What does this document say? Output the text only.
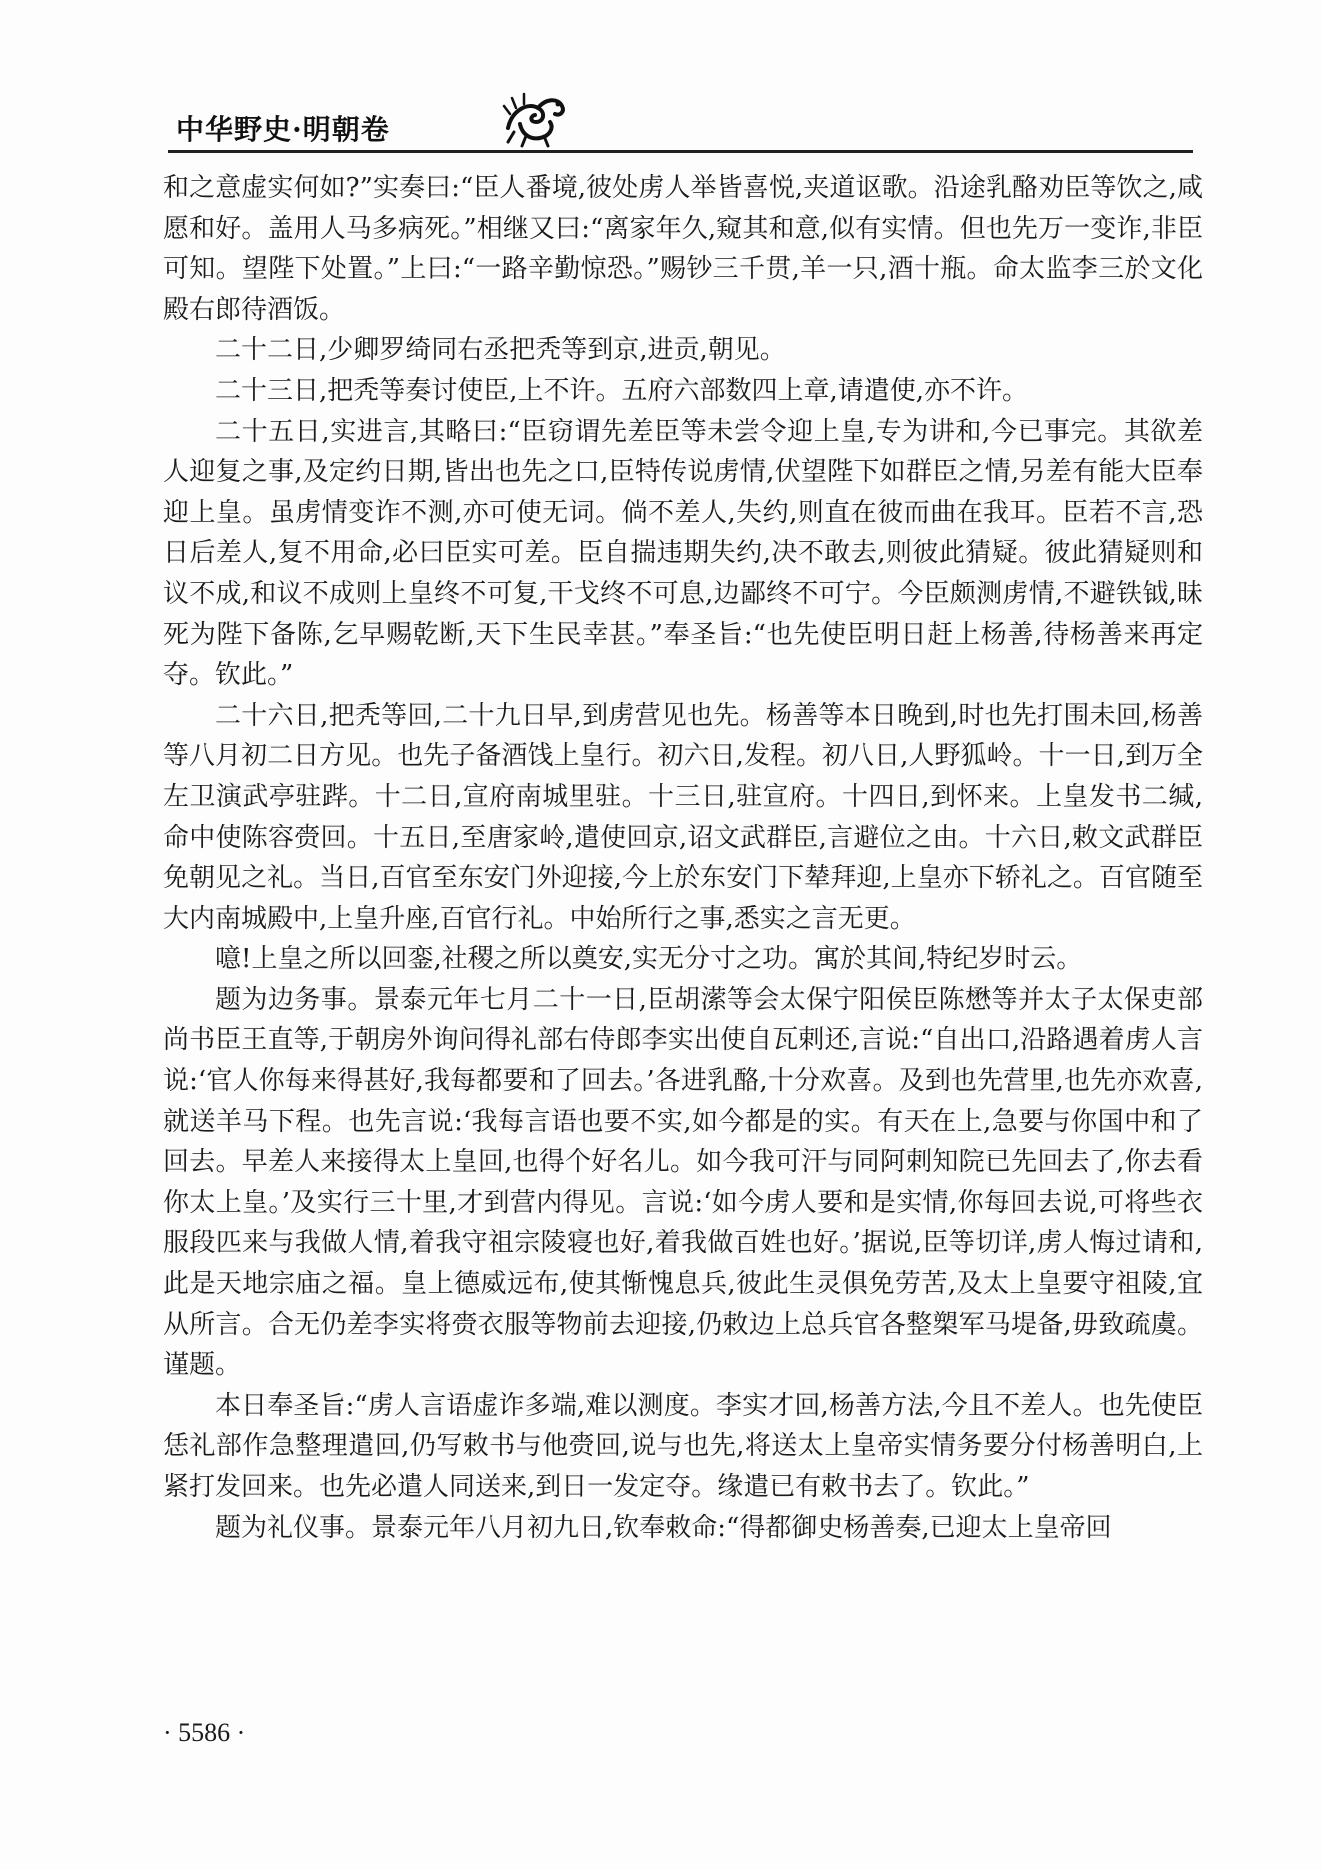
中华野史·明朝卷

和之意虚实何如?”实奏曰:“臣人番境,彼处虏人举皆喜悦,夹道讴歌。沿途乳酪劝臣等饮之,咸愿和好。盖用人马多病死。”相继又曰:“离家年久,窥其和意,似有实情。但也先万一变诈,非臣可知。望陛下处置。”上曰:“一路辛勤惊恐。”赐钞三千贯,羊一只,酒十瓶。命太监李三於文化殿右郎待酒饭。

二十二日,少卿罗绮同右丞把秃等到京,进贡,朝见。

二十三日,把秃等奏讨使臣,上不许。五府六部数四上章,请遣使,亦不许。

二十五日,实进言,其略曰:“臣窃谓先差臣等未尝令迎上皇,专为讲和,今已事完。其欲差人迎复之事,及定约日期,皆出也先之口,臣特传说虏情,伏望陛下如群臣之情,另差有能大臣奉迎上皇。虽虏情变诈不测,亦可使无词。倘不差人,失约,则直在彼而曲在我耳。臣若不言,恐日后差人,复不用命,必曰臣实可差。臣自揣违期失约,决不敢去,则彼此猜疑。彼此猜疑则和议不成,和议不成则上皇终不可复,干戈终不可息,边鄙终不可宁。今臣颇测虏情,不避铁钺,昧死为陛下备陈,乞早赐乾断,天下生民幸甚。”奉圣旨:“也先使臣明日赶上杨善,待杨善来再定夺。钦此。”

二十六日,把秃等回,二十九日早,到虏营见也先。杨善等本日晚到,时也先打围未回,杨善等八月初二日方见。也先子备酒饯上皇行。初六日,发程。初八日,人野狐岭。十一日,到万全左卫演武亭驻跸。十二日,宣府南城里驻。十三日,驻宣府。十四日,到怀来。上皇发书二缄,命中使陈容赍回。十五日,至唐家岭,遣使回京,诏文武群臣,言避位之由。十六日,敕文武群臣免朝见之礼。当日,百官至东安门外迎接,今上於东安门下辇拜迎,上皇亦下轿礼之。百官随至大内南城殿中,上皇升座,百官行礼。中始所行之事,悉实之言无更。

噫!上皇之所以回銮,社稷之所以奠安,实无分寸之功。寓於其间,特纪岁时云。

题为边务事。景泰元年七月二十一日,臣胡潆等会太保宁阳侯臣陈懋等并太子太保吏部尚书臣王直等,于朝房外询问得礼部右侍郎李实出使自瓦剌还,言说:“自出口,沿路遇着虏人言说:‘官人你每来得甚好,我每都要和了回去。’各进乳酪,十分欢喜。及到也先营里,也先亦欢喜,就送羊马下程。也先言说:‘我每言语也要不实,如今都是的实。有天在上,急要与你国中和了回去。早差人来接得太上皇回,也得个好名儿。如今我可汗与同阿剌知院已先回去了,你去看你太上皇。’及实行三十里,才到营内得见。言说:‘如今虏人要和是实情,你每回去说,可将些衣服段匹来与我做人情,着我守祖宗陵寝也好,着我做百姓也好。’据说,臣等切详,虏人悔过请和,此是天地宗庙之福。皇上德威远布,使其惭愧息兵,彼此生灵俱免劳苦,及太上皇要守祖陵,宜从所言。合无仍差李实将赍衣服等物前去迎接,仍敕边上总兵官各整槊军马堤备,毋致疏虞。谨题。

本日奉圣旨:“虏人言语虚诈多端,难以测度。李实才回,杨善方法,今且不差人。也先使臣恁礼部作急整理遣回,仍写敕书与他赍回,说与也先,将送太上皇帝实情务要分付杨善明白,上紧打发回来。也先必遣人同送来,到日一发定夺。缘遣已有敕书去了。钦此。”

题为礼仪事。景泰元年八月初九日,钦奉敕命:“得都御史杨善奏,已迎太上皇帝回

· 5586 ·
